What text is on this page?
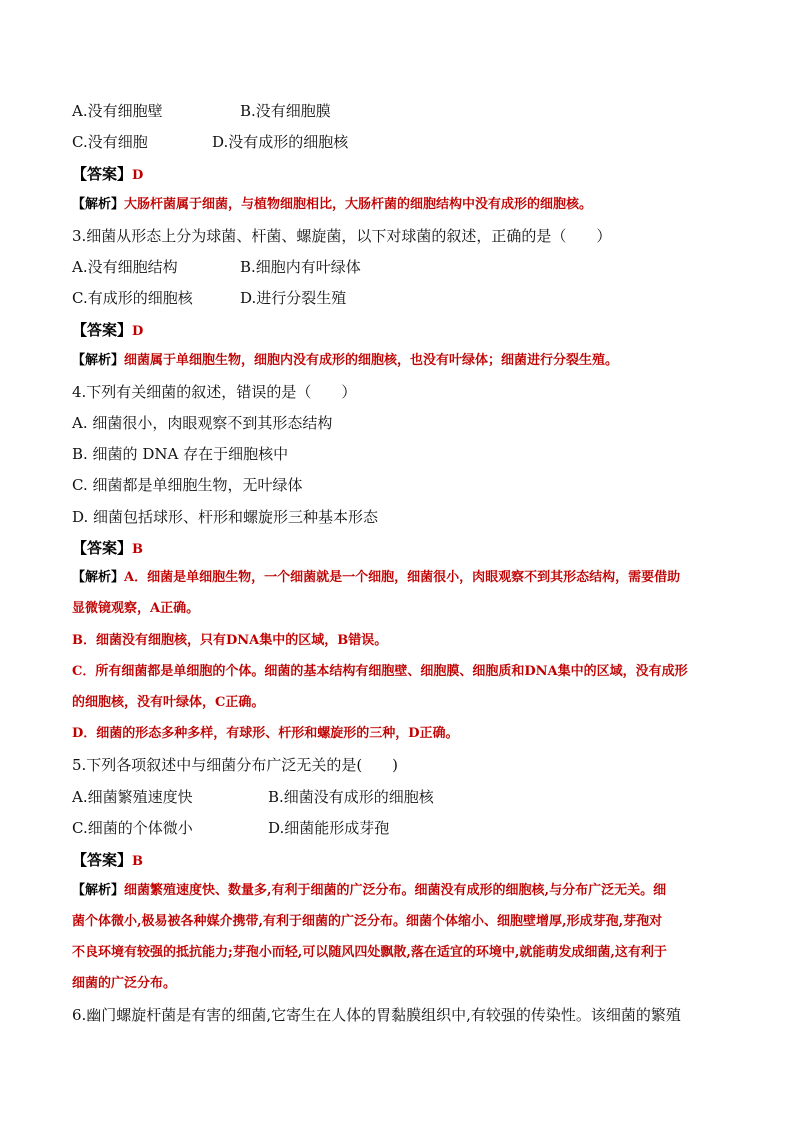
A.没有细胞壁	B.没有细胞膜
C.没有细胞	D.没有成形的细胞核
【答案】D
【解析】大肠杆菌属于细菌，与植物细胞相比，大肠杆菌的细胞结构中没有成形的细胞核。
3.细菌从形态上分为球菌、杆菌、螺旋菌，以下对球菌的叙述，正确的是（　　）
A.没有细胞结构	B.细胞内有叶绿体
C.有成形的细胞核	D.进行分裂生殖
【答案】D
【解析】细菌属于单细胞生物，细胞内没有成形的细胞核，也没有叶绿体；细菌进行分裂生殖。
4.下列有关细菌的叙述，错误的是（　　）
A. 细菌很小，肉眼观察不到其形态结构
B. 细菌的 DNA 存在于细胞核中
C. 细菌都是单细胞生物，无叶绿体
D. 细菌包括球形、杆形和螺旋形三种基本形态
【答案】B
【解析】A．细菌是单细胞生物，一个细菌就是一个细胞，细菌很小，肉眼观察不到其形态结构，需要借助
显微镜观察，A正确。
B．细菌没有细胞核，只有DNA集中的区域，B错误。
C．所有细菌都是单细胞的个体。细菌的基本结构有细胞壁、细胞膜、细胞质和DNA集中的区域，没有成形
的细胞核，没有叶绿体，C正确。
D．细菌的形态多种多样，有球形、杆形和螺旋形的三种，D正确。
5.下列各项叙述中与细菌分布广泛无关的是(　　)
A.细菌繁殖速度快	B.细菌没有成形的细胞核
C.细菌的个体微小	D.细菌能形成芽孢
【答案】B
【解析】细菌繁殖速度快、数量多,有利于细菌的广泛分布。细菌没有成形的细胞核,与分布广泛无关。细
菌个体微小,极易被各种媒介携带,有利于细菌的广泛分布。细菌个体缩小、细胞壁增厚,形成芽孢,芽孢对
不良环境有较强的抵抗能力;芽孢小而轻,可以随风四处飘散,落在适宜的环境中,就能萌发成细菌,这有利于
细菌的广泛分布。
6.幽门螺旋杆菌是有害的细菌,它寄生在人体的胃黏膜组织中,有较强的传染性。该细菌的繁殖
